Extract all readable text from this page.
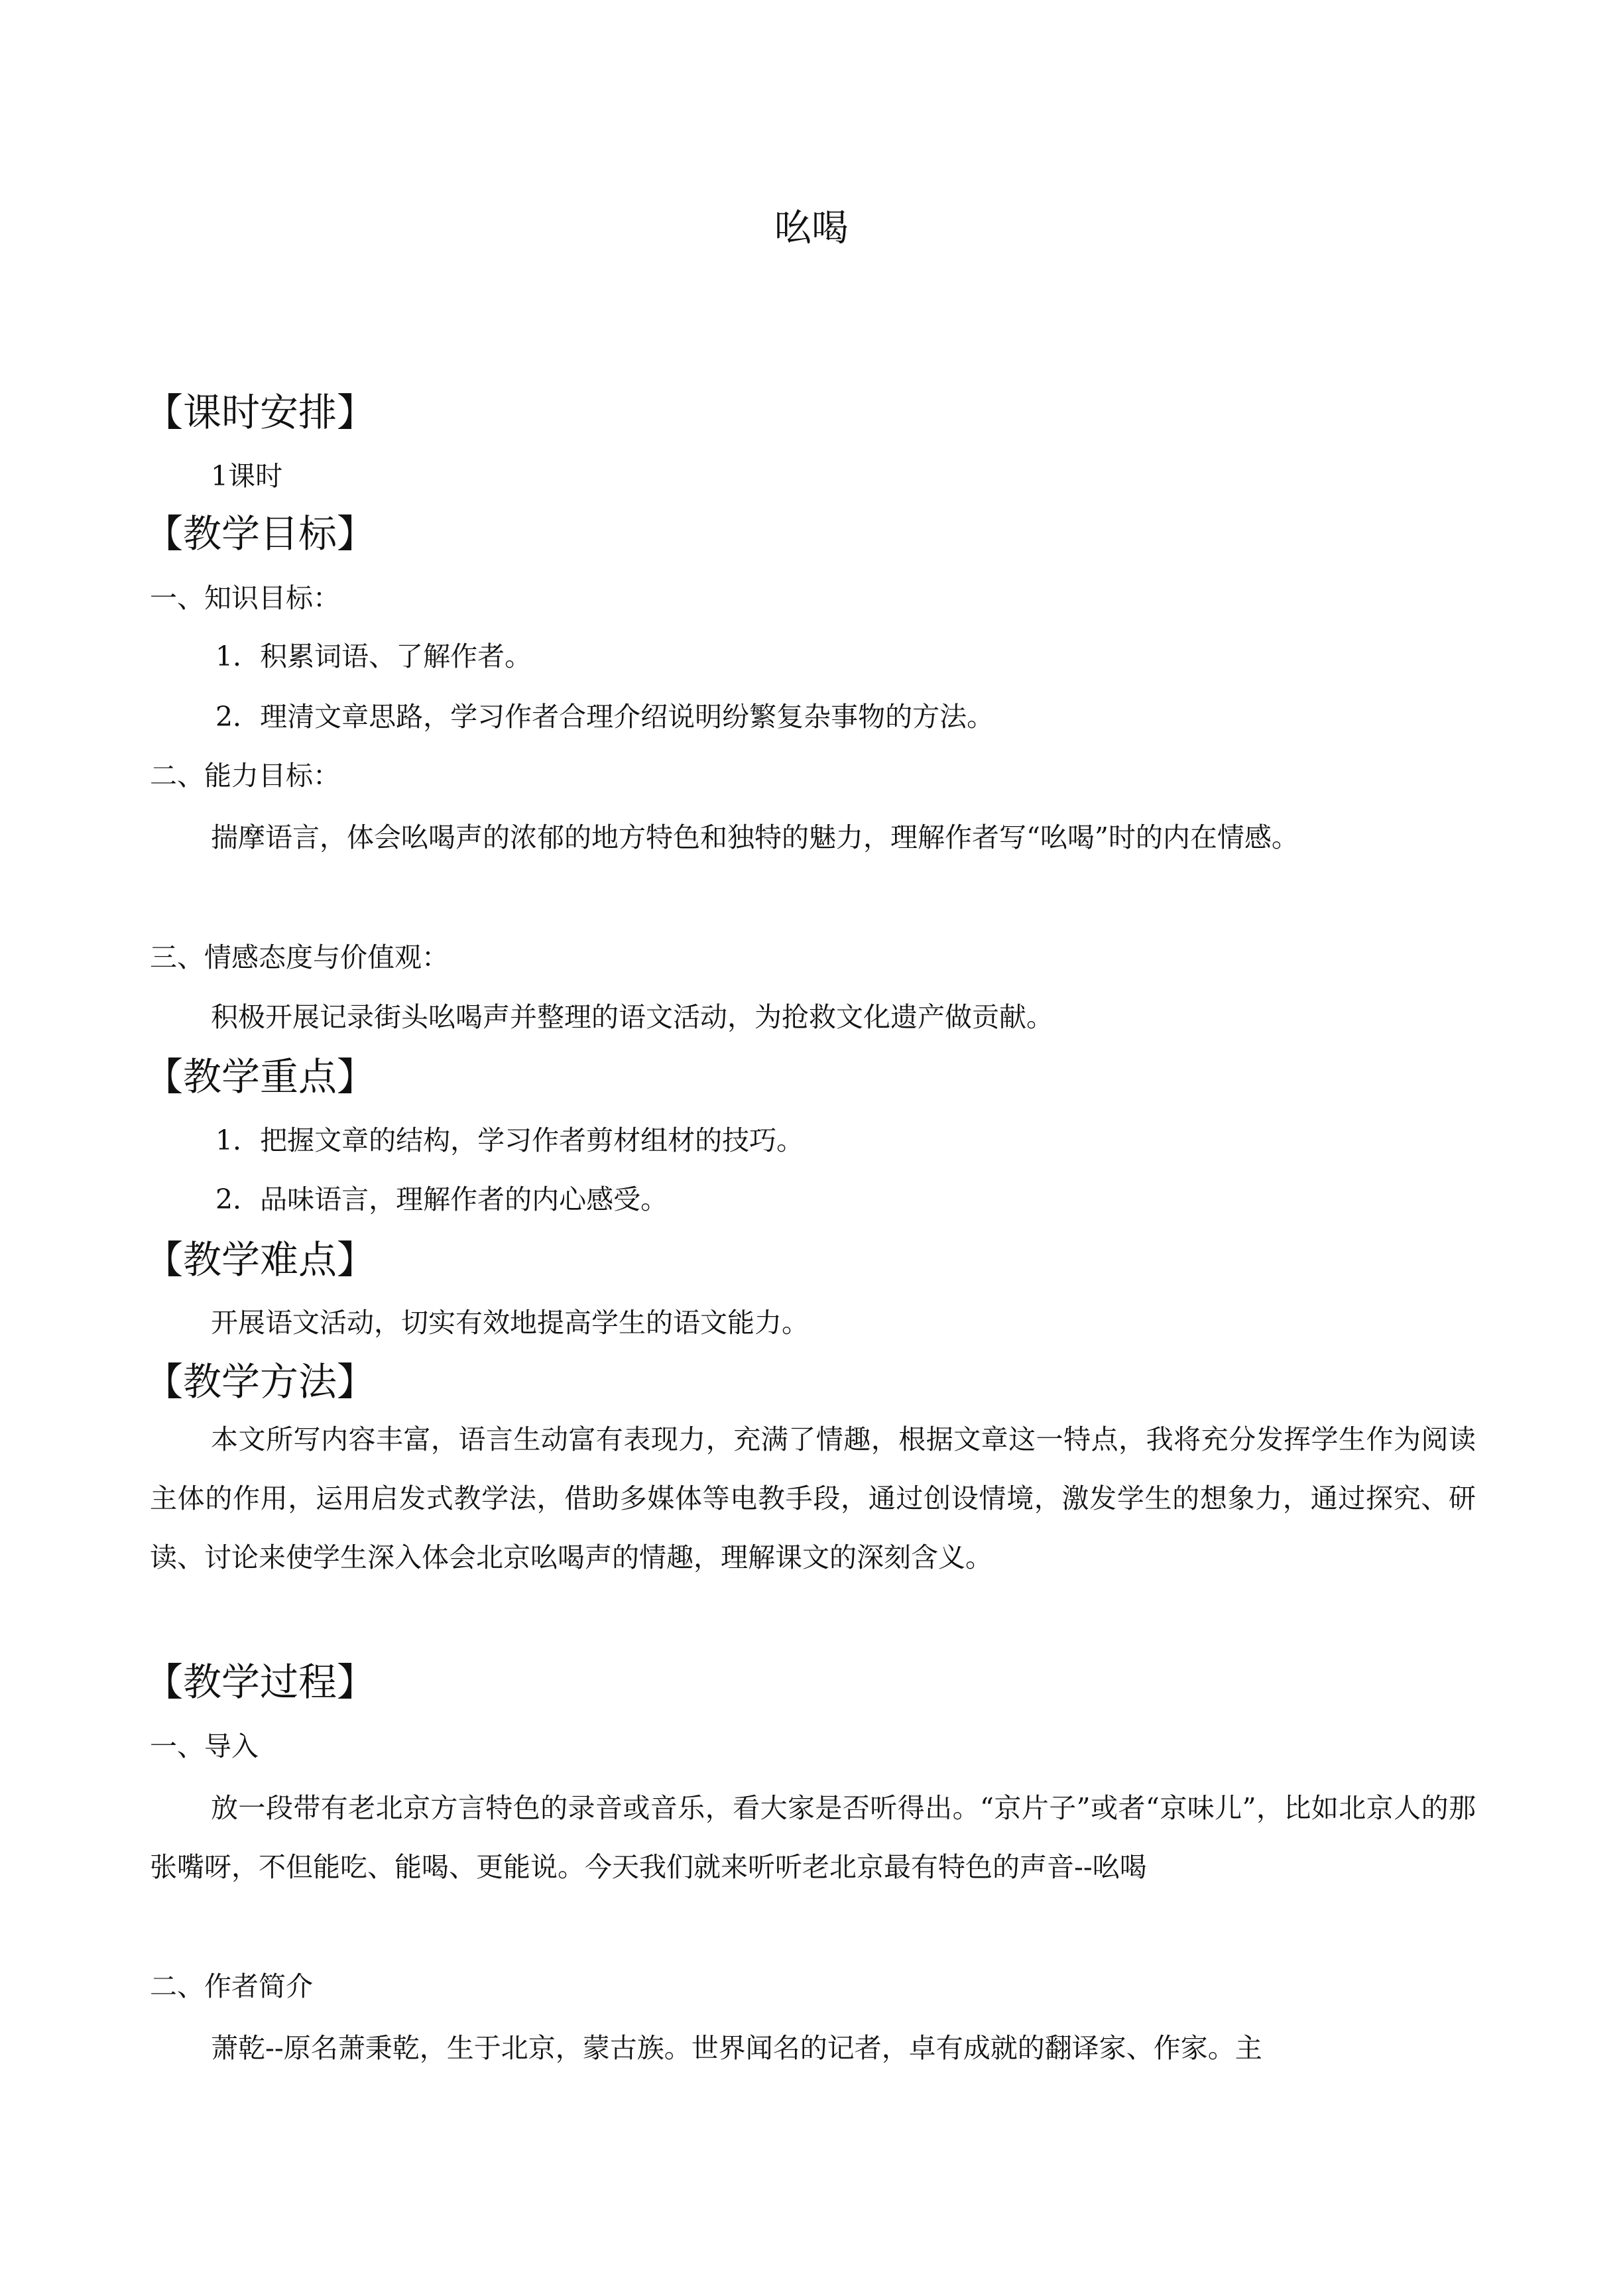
吆喝
【课时安排】
1课时
【教学目标】
一、知识目标：
1．积累词语、了解作者。
2．理清文章思路，学习作者合理介绍说明纷繁复杂事物的方法。
二、能力目标：
揣摩语言，体会吆喝声的浓郁的地方特色和独特的魅力，理解作者写“吆喝”时的内在情感。
三、情感态度与价值观：
积极开展记录街头吆喝声并整理的语文活动，为抢救文化遗产做贡献。
【教学重点】
1．把握文章的结构，学习作者剪材组材的技巧。
2．品味语言，理解作者的内心感受。
【教学难点】
开展语文活动，切实有效地提高学生的语文能力。
【教学方法】
本文所写内容丰富，语言生动富有表现力，充满了情趣，根据文章这一特点，我将充分发挥学生作为阅读主体的作用，运用启发式教学法，借助多媒体等电教手段，通过创设情境，激发学生的想象力，通过探究、研读、讨论来使学生深入体会北京吆喝声的情趣，理解课文的深刻含义。
【教学过程】
一、导入
放一段带有老北京方言特色的录音或音乐，看大家是否听得出。“京片子”或者“京味儿”，比如北京人的那张嘴呀，不但能吃、能喝、更能说。今天我们就来听听老北京最有特色的声音--吆喝
二、作者简介
萧乾--原名萧秉乾，生于北京，蒙古族。世界闻名的记者，卓有成就的翻译家、作家。主
